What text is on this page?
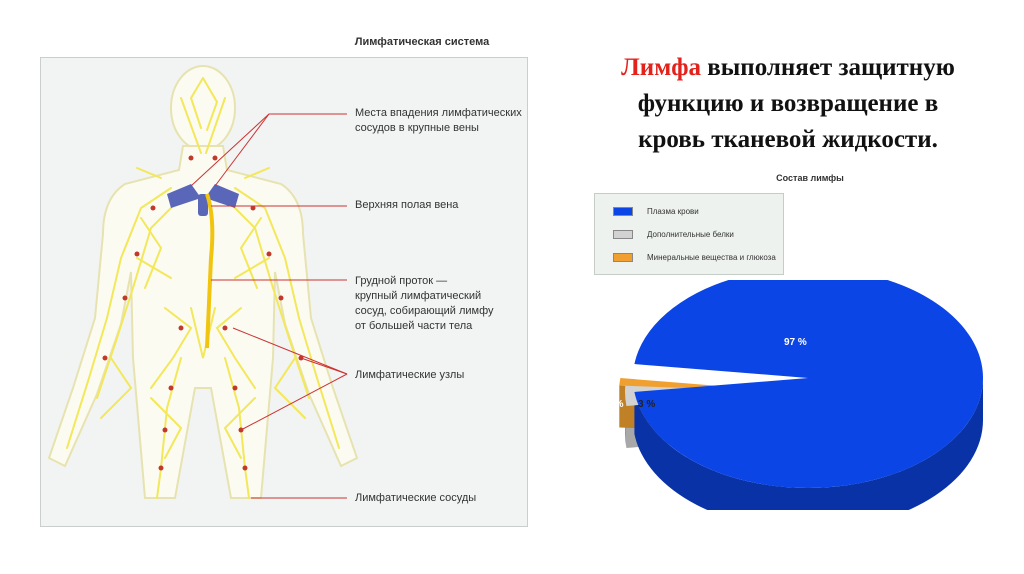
Лимфатическая система
Места впадения лимфатических
сосудов в крупные вены
Верхняя полая вена
Грудной проток —
крупный лимфатический
сосуд, собирающий лимфу
от большей части тела
Лимфатические узлы
Лимфатические сосуды
Лимфа выполняет защитную
функцию и возвращение в
кровь тканевой жидкости.
Состав лимфы
Плазма крови
Дополнительные белки
Минеральные вещества и глюкоза
97 %
3 %
1,1 %
